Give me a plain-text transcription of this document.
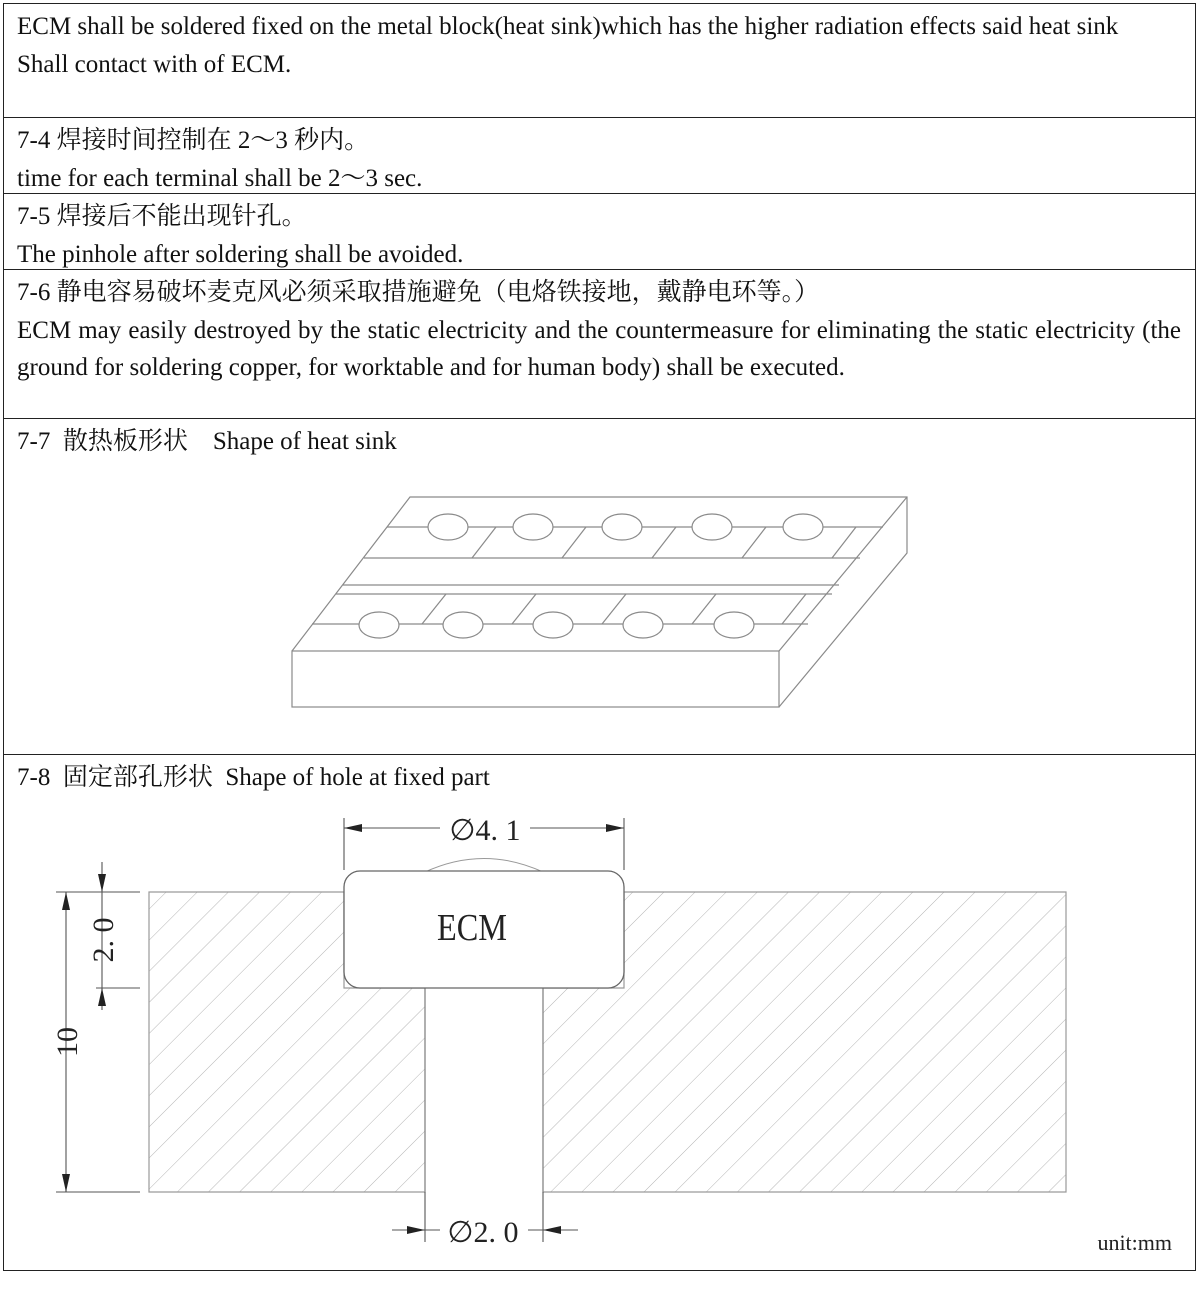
ECM shall be soldered fixed on the metal block(heat sink)which has the higher radiation effects said heat sink

Shall contact with of ECM.

7-4 焊接时间控制在 2～3 秒内。

time for each terminal shall be 2～3 sec.

7-5 焊接后不能出现针孔。

The pinhole after soldering shall be avoided.

7-6 静电容易破坏麦克风必须采取措施避免（电烙铁接地，戴静电环等。）

ECM may easily destroyed by the static electricity and the countermeasure for eliminating the static electricity (the ground for soldering copper, for worktable and for human body) shall be executed.

7-7  散热板形状    Shape of heat sink

7-8  固定部孔形状  Shape of hole at fixed part

ECM
∅4. 1
2. 0
10
∅2. 0	unit:mm
